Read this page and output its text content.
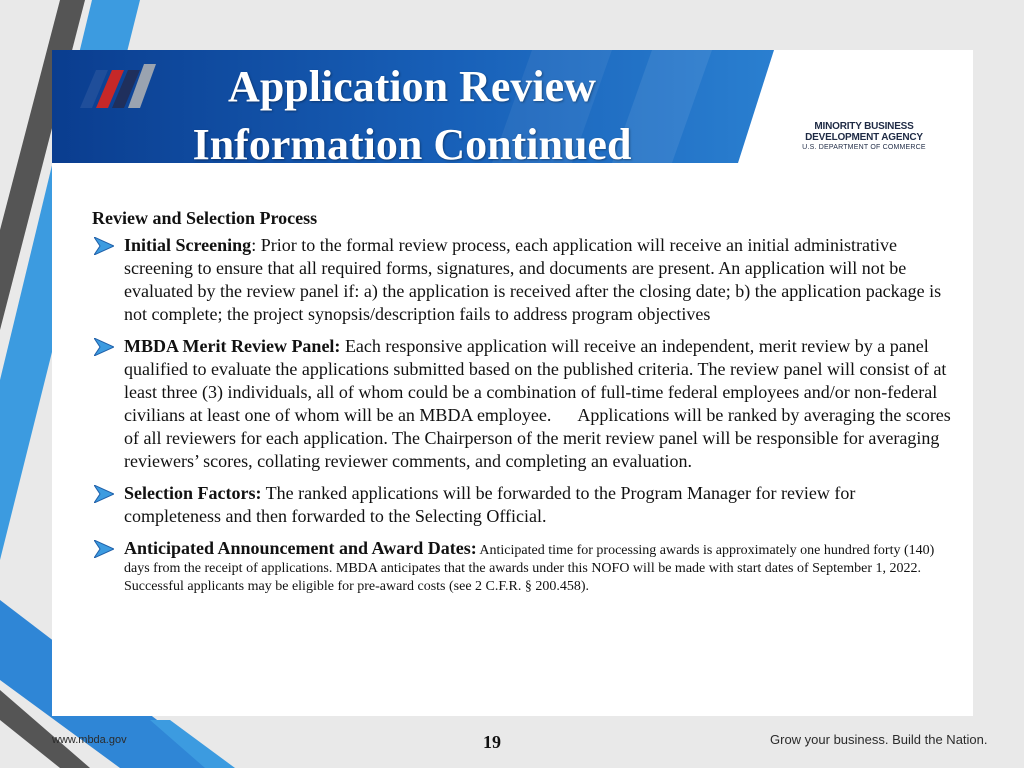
Application Review
Information Continued	MINORITY BUSINESS
DEVELOPMENT AGENCY
U.S. DEPARTMENT OF COMMERCE
Review and Selection Process
Initial Screening: Prior to the formal review process, each application will receive an initial administrative screening to ensure that all required forms, signatures, and documents are present. An application will not be evaluated by the review panel if: a) the application is received after the closing date; b) the application package is not complete; the project synopsis/description fails to address program objectives
MBDA Merit Review Panel: Each responsive application will receive an independent, merit review by a panel qualified to evaluate the applications submitted based on the published criteria. The review panel will consist of at least three (3) individuals, all of whom could be a combination of full-time federal employees and/or non-federal civilians at least one of whom will be an MBDA employee.      Applications will be ranked by averaging the scores of all reviewers for each application. The Chairperson of the merit review panel will be responsible for averaging reviewers’ scores, collating reviewer comments, and completing an evaluation.
Selection Factors: The ranked applications will be forwarded to the Program Manager for review for completeness and then forwarded to the Selecting Official.
Anticipated Announcement and Award Dates: Anticipated time for processing awards is approximately one hundred forty (140) days from the receipt of applications. MBDA anticipates that the awards under this NOFO will be made with start dates of September 1, 2022. Successful applicants may be eligible for pre-award costs (see 2 C.F.R. § 200.458).
www.mbda.gov	19	Grow your business. Build the Nation.
